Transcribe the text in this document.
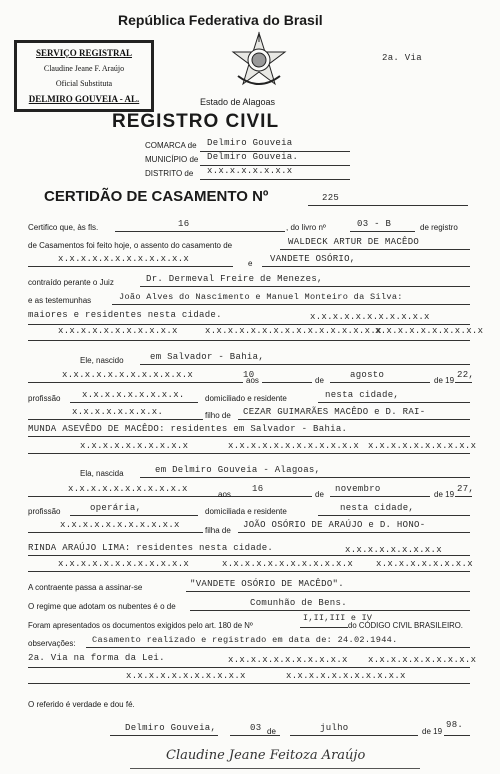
República Federativa do Brasil
2a. Via
SERVIÇO REGISTRAL
Claudine Jeane F. Araújo
Oficial Substituta
DELMIRO GOUVEIA - AL.	Estado de Alagoas
REGISTRO CIVIL
COMARCA de Delmiro Gouveia
MUNICÍPIO de Delmiro Gouveia.
DISTRITO de x.x.x.x.x.x.x.x
CERTIDÃO DE CASAMENTO Nº	225
Certifico que, às fls.	16	, do livro nº	03 - B	de registro
de Casamentos foi feito hoje, o assento do casamento de	WALDECK ARTUR DE MACÊDO
x.x.x.x.x.x.x.x.x.x.x.x	e VANDETE OSÓRIO,
contraído perante o Juiz	Dr. Dermeval Freire de Menezes,
e as testemunhas	João Alves do Nascimento e Manuel Monteiro da Silva:
maiores e residentes nesta cidade.	x.x.x.x.x.x.x.x.x.x.x
x.x.x.x.x.x.x.x.x.x.x	x.x.x.x.x.x.x.x.x.x.x.x.x.x.x.x
x.x.x.x.x.x.x.x.x.x
Ele, nascido	em Salvador - Bahia,
x.x.x.x.x.x.x.x.x.x.x.x
aos
10
de
agosto
de 19
22,
profissão x.x.x.x.x.x.x.x.x.	domiciliado e residente	nesta cidade,
x.x.x.x.x.x.x.x.	filho de CEZAR GUIMARÃES MACÊDO e D. RAI-
MUNDA ASEVÊDO DE MACÊDO: residentes em Salvador - Bahia.
x.x.x.x.x.x.x.x.x.x	x.x.x.x.x.x.x.x.x.x.x.x x.x.x.x.x.x.x.x.x.x
Ela, nascida	em Delmiro Gouveia - Alagoas,
x.x.x.x.x.x.x.x.x.x.x
aos
16
de
novembro
de 19
27,
profissão	operária,	domiciliada e residente	nesta cidade,
x.x.x.x.x.x.x.x.x.x.x
filha de
JOÃO OSÓRIO DE ARAÚJO e D. HONO-
RINDA ARAÚJO LIMA: residentes nesta cidade.	x.x.x.x.x.x.x.x.x
x.x.x.x.x.x.x.x.x.x.x.x	x.x.x.x.x.x.x.x.x.x.x.x	x.x.x.x.x.x.x.x.x
A contraente passa a assinar-se	"VANDETE OSÓRIO DE MACÊDO".
O regime que adotam os nubentes é o de	Comunhão de Bens.
Foram apresentados os documentos exigidos pelo art. 180 de Nº
I,II,III e IV
do CÓDIGO CIVIL BRASILEIRO.
observações: Casamento realizado e registrado em data de: 24.02.1944.
2a. Via na forma da Lei.	x.x.x.x.x.x.x.x.x.x.x x.x.x.x.x.x.x.x.x.x
x.x.x.x.x.x.x.x.x.x.x	x.x.x.x.x.x.x.x.x.x.x
O referido é verdade e dou fé.
Delmiro Gouveia,	03 de	julho	de 19
98.
Claudine Jeane Feitoza Araújo
